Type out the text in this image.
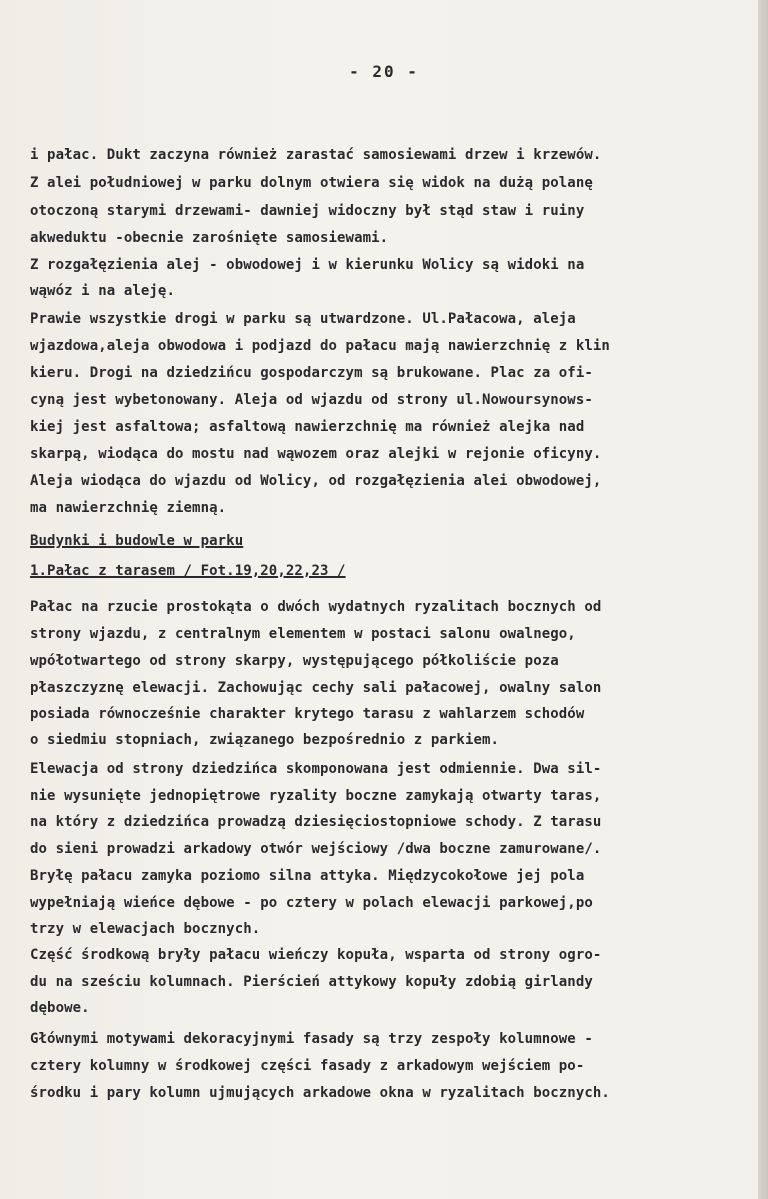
- 20 -
i pałac. Dukt zaczyna również zarastać samosiewami drzew i krzewów.
Z alei południowej w parku dolnym otwiera się widok na dużą polanę
otoczoną starymi drzewami- dawniej widoczny był stąd staw i ruiny
akweduktu -obecnie zarośnięte samosiewami.
Z rozgałęzienia alej - obwodowej i w kierunku Wolicy są widoki na
wąwóz i na aleję.
Prawie wszystkie drogi w parku są utwardzone. Ul.Pałacowa, aleja
wjazdowa,aleja obwodowa i podjazd do pałacu mają nawierzchnię z klin
kieru. Drogi na dziedzińcu gospodarczym są brukowane. Plac za ofi-
cyną jest wybetonowany. Aleja od wjazdu od strony ul.Nowoursynows-
kiej jest asfaltowa; asfaltową nawierzchnię ma również alejka nad
skarpą, wiodąca do mostu nad wąwozem oraz alejki w rejonie oficyny.
Aleja wiodąca do wjazdu od Wolicy, od rozgałęzienia alei obwodowej,
ma nawierzchnię ziemną.
Budynki i budowle w parku
1.Pałac z tarasem / Fot.19,20,22,23 /
Pałac na rzucie prostokąta o dwóch wydatnych ryzalitach bocznych od
strony wjazdu, z centralnym elementem w postaci salonu owalnego,
wpółotwartego od strony skarpy, występującego półkoliście poza
płaszczyznę elewacji. Zachowując cechy sali pałacowej, owalny salon
posiada równocześnie charakter krytego tarasu z wahlarzem schodów
o siedmiu stopniach, związanego bezpośrednio z parkiem.
Elewacja od strony dziedzińca skomponowana jest odmiennie. Dwa sil-
nie wysunięte jednopiętrowe ryzality boczne zamykają otwarty taras,
na który z dziedzińca prowadzą dziesięciostopniowe schody. Z tarasu
do sieni prowadzi arkadowy otwór wejściowy /dwa boczne zamurowane/.
Bryłę pałacu zamyka poziomo silna attyka. Międzycokołowe jej pola
wypełniają wieńce dębowe - po cztery w polach elewacji parkowej,po
trzy w elewacjach bocznych.
Część środkową bryły pałacu wieńczy kopuła, wsparta od strony ogro-
du na sześciu kolumnach. Pierścień attykowy kopuły zdobią girlandy
dębowe.
Głównymi motywami dekoracyjnymi fasady są trzy zespoły kolumnowe -
cztery kolumny w środkowej części fasady z arkadowym wejściem po-
środku i pary kolumn ujmujących arkadowe okna w ryzalitach bocznych.
